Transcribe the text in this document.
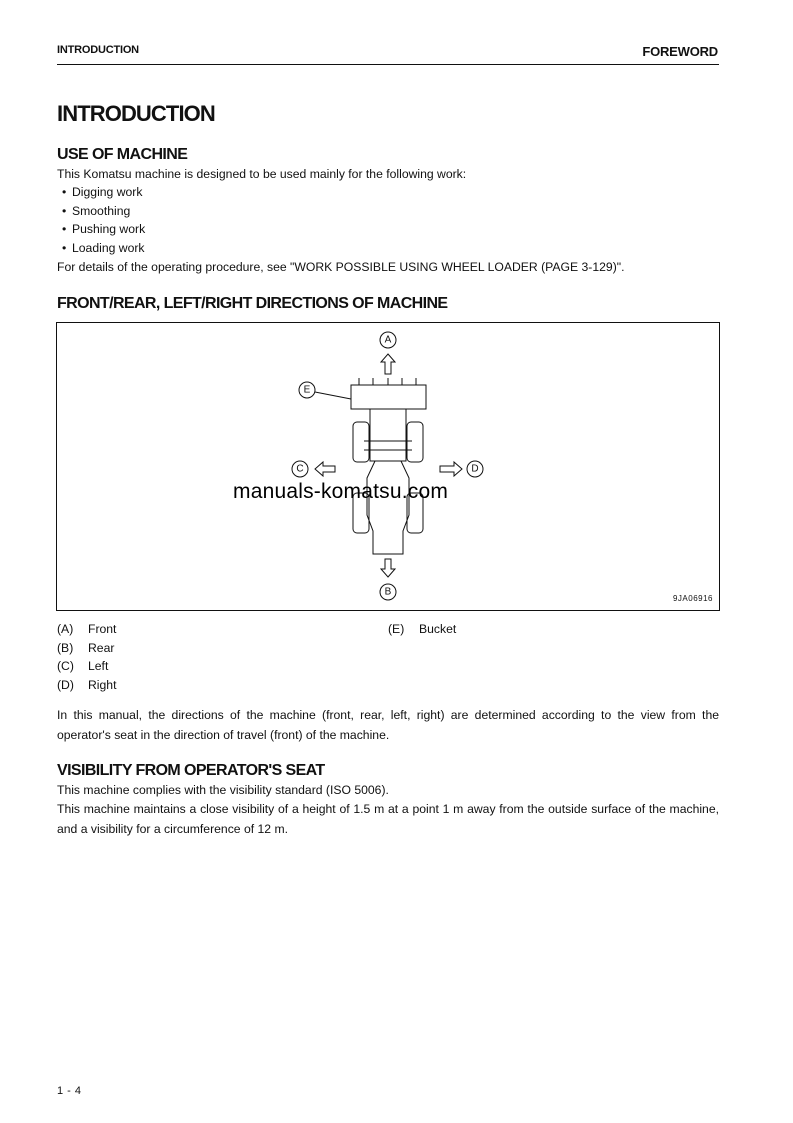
INTRODUCTION	FOREWORD
INTRODUCTION
USE OF MACHINE
This Komatsu machine is designed to be used mainly for the following work:
• Digging work
• Smoothing
• Pushing work
• Loading work
For details of the operating procedure, see "WORK POSSIBLE USING WHEEL LOADER (PAGE 3-129)".
FRONT/REAR, LEFT/RIGHT DIRECTIONS OF MACHINE
A
E
B
C	D
manuals-komatsu.com
9JA06916
(A)	Front
(B)	Rear
(C)	Left
(D)	Right
(E)	Bucket
In this manual, the directions of the machine (front, rear, left, right) are determined according to the view from the operator's seat in the direction of travel (front) of the machine.
VISIBILITY FROM OPERATOR'S SEAT
This machine complies with the visibility standard (ISO 5006).
This machine maintains a close visibility of a height of 1.5 m at a point 1 m away from the outside surface of the machine, and a visibility for a circumference of 12 m.
1 - 4
